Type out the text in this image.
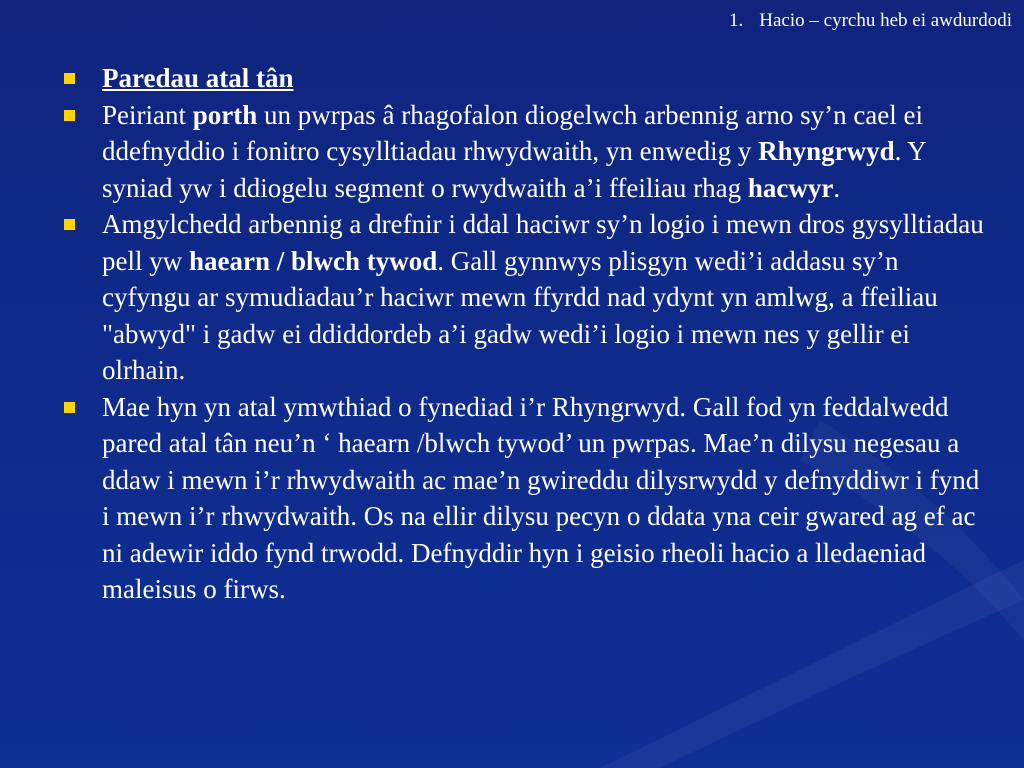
1. Hacio – cyrchu heb ei awdurdodi
Paredau atal tân
Peiriant porth un pwrpas â rhagofalon diogelwch arbennig arno sy’n cael ei ddefnyddio i fonitro cysylltiadau rhwydwaith, yn enwedig y Rhyngrwyd. Y syniad yw i ddiogelu segment o rwydwaith a’i ffeiliau rhag hacwyr.
Amgylchedd arbennig a drefnir i ddal haciwr sy’n logio i mewn dros gysylltiadau pell yw haearn / blwch tywod. Gall gynnwys plisgyn wedi’i addasu sy’n cyfyngu ar symudiadau’r haciwr mewn ffyrdd nad ydynt yn amlwg, a ffeiliau "abwyd" i gadw ei ddiddordeb a’i gadw wedi’i logio i mewn nes y gellir ei olrhain.
Mae hyn yn atal ymwthiad o fynediad i’r Rhyngrwyd. Gall fod yn feddalwedd pared atal tân neu’n ‘ haearn /blwch tywod’ un pwrpas. Mae’n dilysu negesau a ddaw i mewn i’r rhwydwaith ac mae’n gwireddu dilysrwydd y defnyddiwr i fynd i mewn i’r rhwydwaith. Os na ellir dilysu pecyn o ddata yna ceir gwared ag ef ac ni adewir iddo fynd trwodd. Defnyddir hyn i geisio rheoli hacio a lledaeniad maleisus o firws.
